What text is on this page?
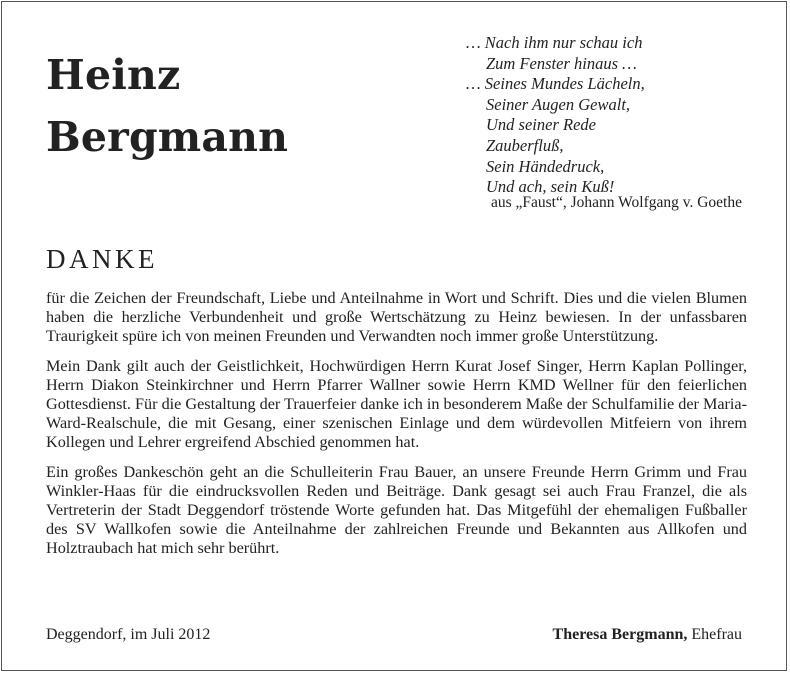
Heinz
Bergmann
… Nach ihm nur schau ich
Zum Fenster hinaus …
… Seines Mundes Lächeln,
Seiner Augen Gewalt,
Und seiner Rede
Zauberfluß,
Sein Händedruck,
Und ach, sein Kuß!
aus „Faust“, Johann Wolfgang v. Goethe
DANKE

für die Zeichen der Freundschaft, Liebe und Anteilnahme in Wort und Schrift. Dies und die vielen Blumen haben die herzliche Verbundenheit und große Wertschätzung zu Heinz bewiesen. In der unfassbaren Traurigkeit spüre ich von meinen Freunden und Verwandten noch immer große Unterstützung.

Mein Dank gilt auch der Geistlichkeit, Hochwürdigen Herrn Kurat Josef Singer, Herrn Kaplan Pollinger, Herrn Diakon Steinkirchner und Herrn Pfarrer Wallner sowie Herrn KMD Wellner für den feierlichen Gottesdienst. Für die Gestaltung der Trauerfeier danke ich in besonderem Maße der Schulfamilie der Maria-Ward-Realschule, die mit Gesang, einer szenischen Einlage und dem würdevollen Mitfeiern von ihrem Kollegen und Lehrer ergreifend Abschied genommen hat.

Ein großes Dankeschön geht an die Schulleiterin Frau Bauer, an unsere Freunde Herrn Grimm und Frau Winkler-Haas für die eindrucksvollen Reden und Beiträge. Dank gesagt sei auch Frau Franzel, die als Vertreterin der Stadt Deggendorf tröstende Worte gefunden hat. Das Mitgefühl der ehemaligen Fußballer des SV Wallkofen sowie die Anteilnahme der zahlreichen Freunde und Bekannten aus Allkofen und Holztraubach hat mich sehr berührt.

Deggendorf, im Juli 2012	Theresa Bergmann, Ehefrau
